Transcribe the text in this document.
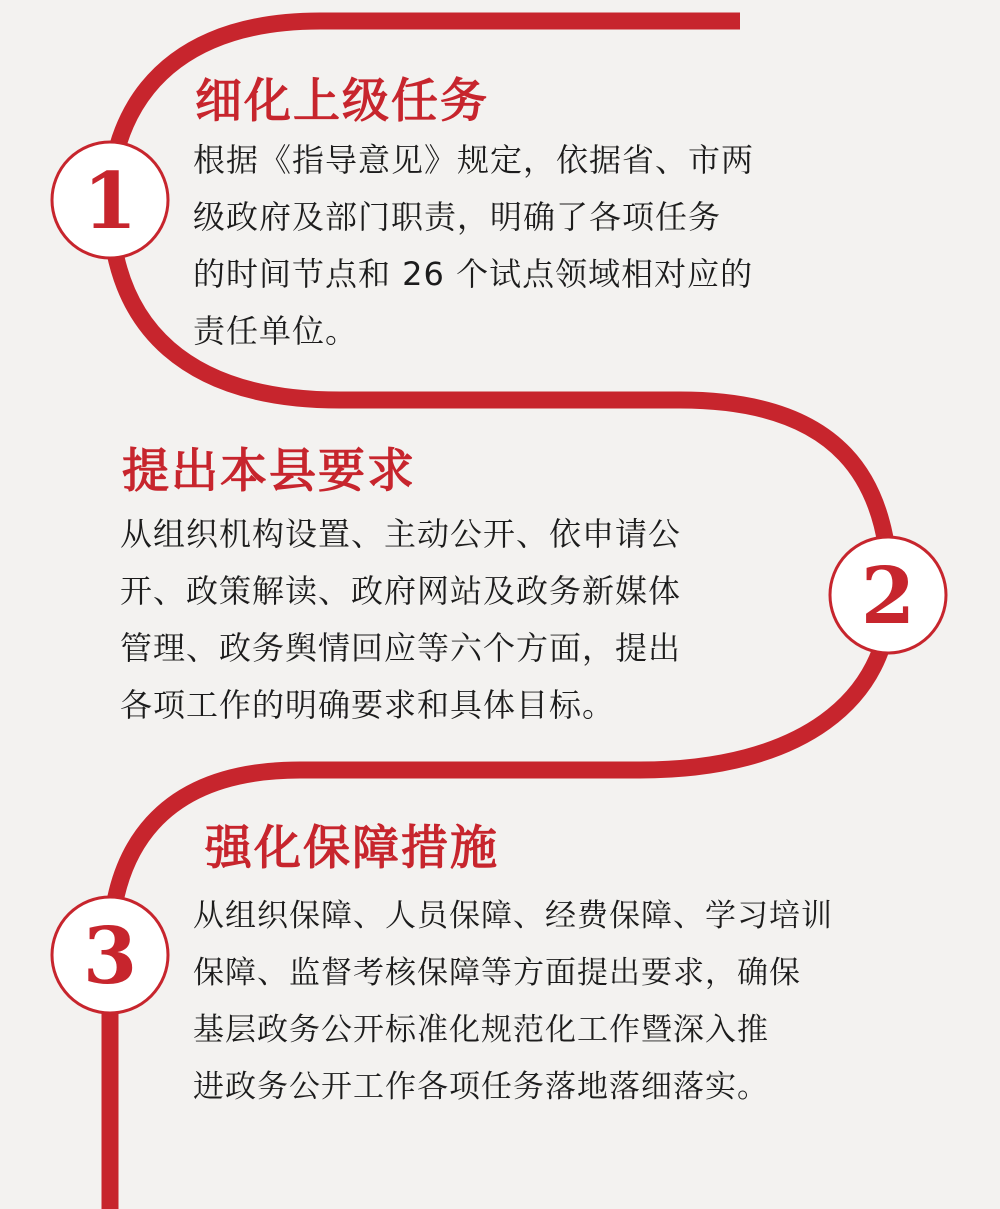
1
2
3
细化上级任务

根据《指导意见》规定，依据省、市两
级政府及部门职责，明确了各项任务
的时间节点和 26 个试点领域相对应的
责任单位。

提出本县要求

从组织机构设置、主动公开、依申请公
开、政策解读、政府网站及政务新媒体
管理、政务舆情回应等六个方面，提出
各项工作的明确要求和具体目标。

强化保障措施

从组织保障、人员保障、经费保障、学习培训
保障、监督考核保障等方面提出要求，确保
基层政务公开标准化规范化工作暨深入推
进政务公开工作各项任务落地落细落实。
